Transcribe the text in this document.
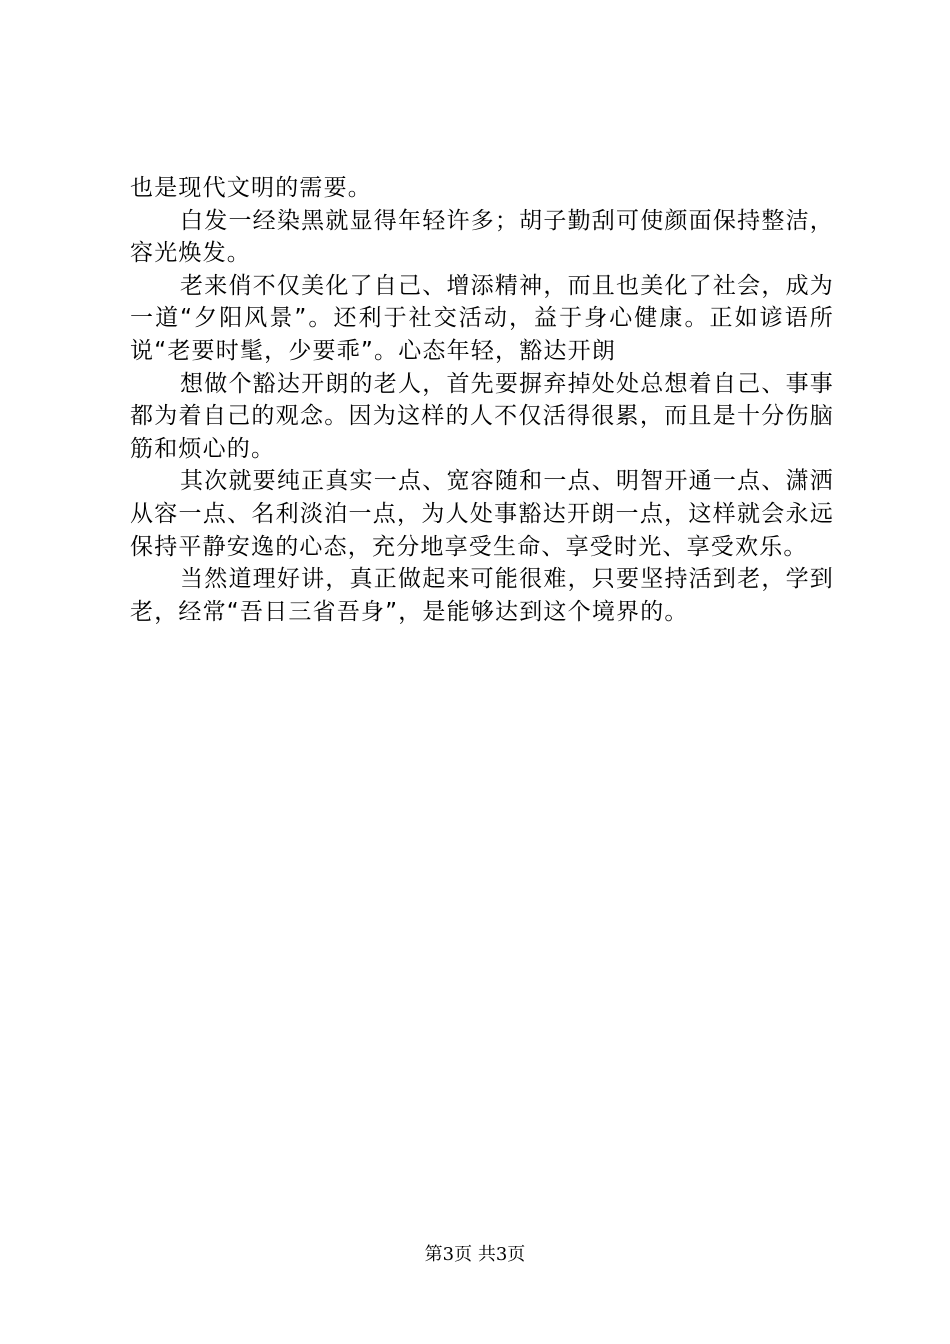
也是现代文明的需要。

白发一经染黑就显得年轻许多；胡子勤刮可使颜面保持整洁，容光焕发。

老来俏不仅美化了自己、增添精神，而且也美化了社会，成为一道“夕阳风景”。还利于社交活动，益于身心健康。正如谚语所说“老要时髦，少要乖”。心态年轻，豁达开朗

想做个豁达开朗的老人，首先要摒弃掉处处总想着自己、事事都为着自己的观念。因为这样的人不仅活得很累，而且是十分伤脑筋和烦心的。

其次就要纯正真实一点、宽容随和一点、明智开通一点、潇洒从容一点、名利淡泊一点，为人处事豁达开朗一点，这样就会永远保持平静安逸的心态，充分地享受生命、享受时光、享受欢乐。

当然道理好讲，真正做起来可能很难，只要坚持活到老，学到老，经常“吾日三省吾身”，是能够达到这个境界的。

第3页 共3页
